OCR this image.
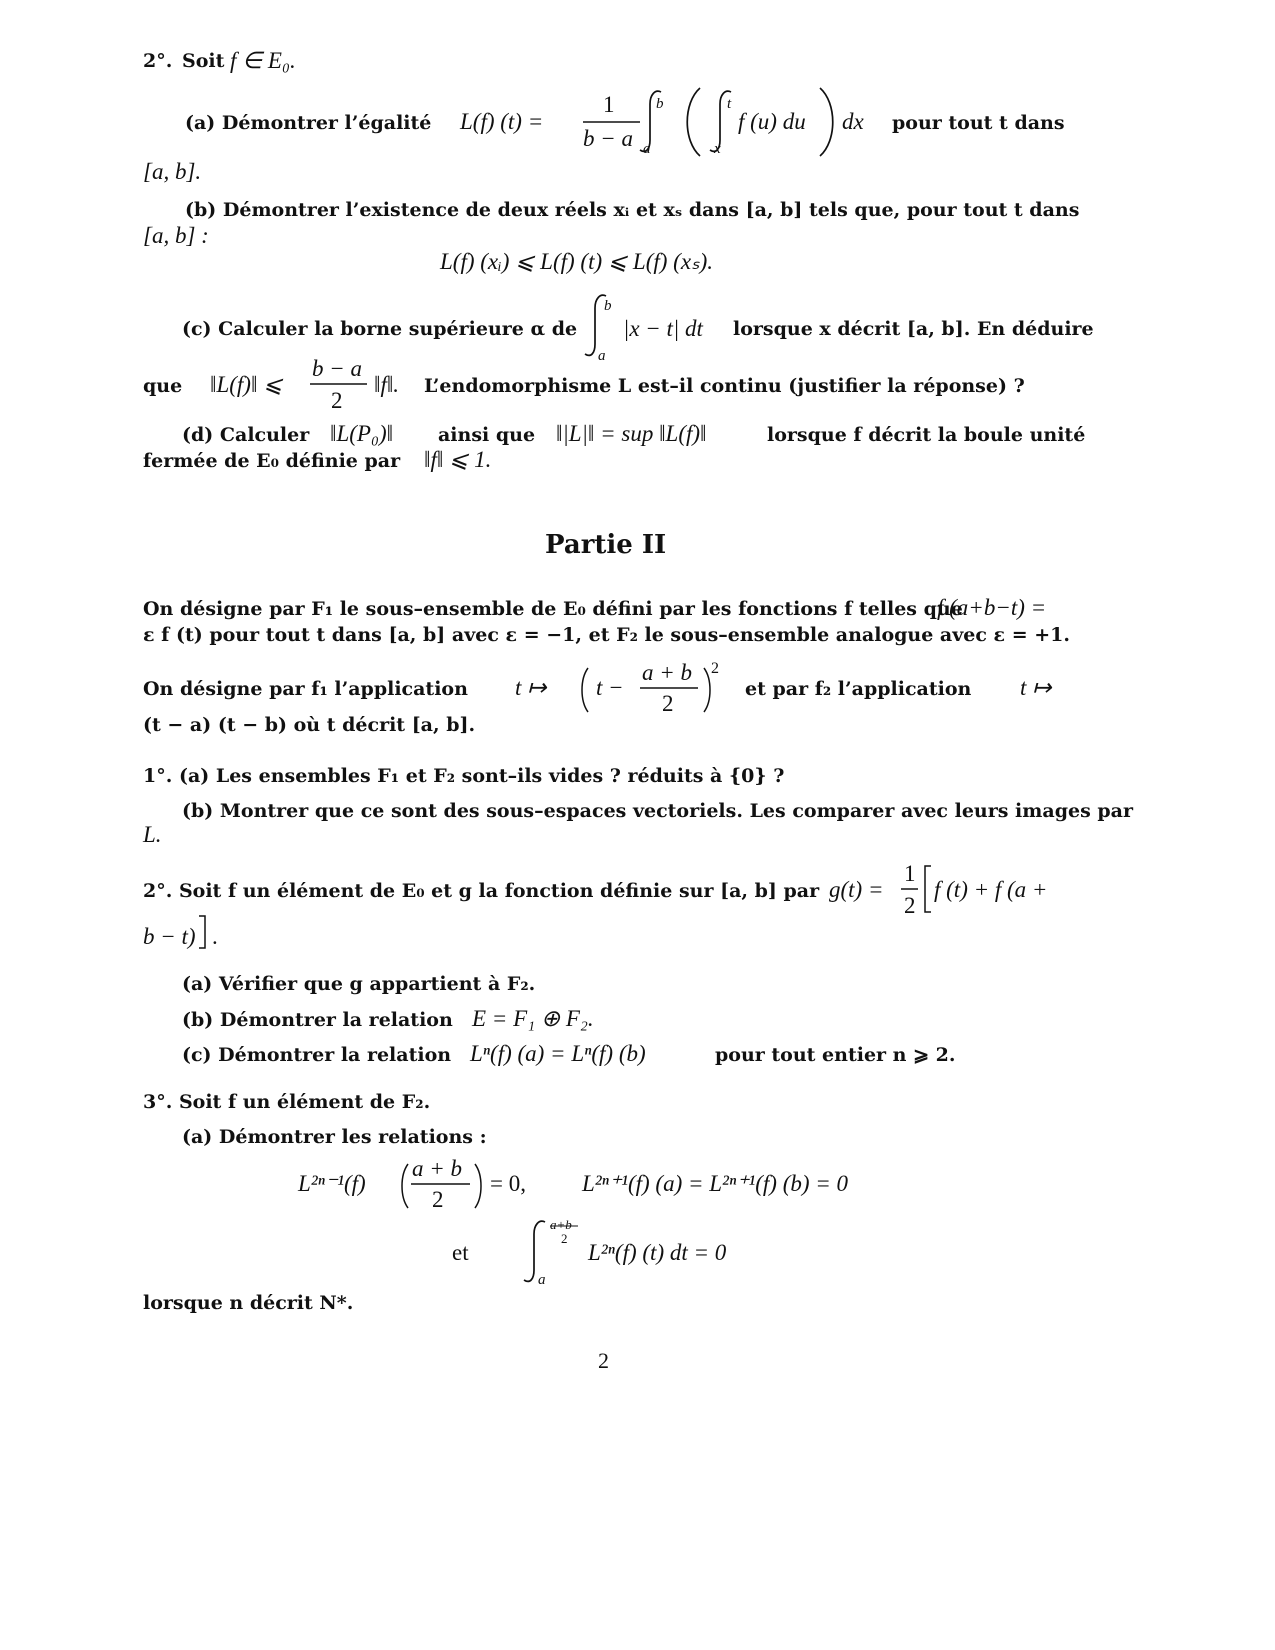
2°. Soit f ∈ E₀.
(a) Démontrer l’égalité L(f) (t) =
1
b − a
b
a
t
x
f (u) du dx pour tout t dans
[a, b].
(b) Démontrer l’existence de deux réels xᵢ et xₛ dans [a, b] tels que, pour tout t dans
[a, b] :
L(f) (xᵢ) ⩽ L(f) (t) ⩽ L(f) (xₛ).
(c) Calculer la borne supérieure α de
b
a
|x − t| dt lorsque x décrit [a, b]. En déduire
que ‖L(f)‖ ⩽
b − a
2
‖f‖. L’endomorphisme L est–il continu (justifier la réponse) ?
(d) Calculer ‖L(P₀)‖ ainsi que ‖|L|‖ = sup ‖L(f)‖	lorsque f décrit la boule unité
fermée de E₀ définie par ‖f‖ ⩽ 1.
Partie II
On désigne par F₁ le sous–ensemble de E₀ défini par les fonctions f telles que
f (a+b−t) =
ε f (t) pour tout t dans [a, b] avec ε = −1, et F₂ le sous–ensemble analogue avec ε = +1.
On désigne par f₁ l’application t ↦ t −
a + b
2
2
et par f₂ l’application t ↦
(t − a) (t − b) où t décrit [a, b].
1°. (a) Les ensembles F₁ et F₂ sont–ils vides ? réduits à {0} ?
(b) Montrer que ce sont des sous–espaces vectoriels. Les comparer avec leurs images par
L.
2°. Soit f un élément de E₀ et g la fonction définie sur [a, b] par g(t) =
1
2
f (t) + f (a +
b − t) .
(a) Vérifier que g appartient à F₂.
(b) Démontrer la relation E = F₁ ⊕ F₂.
(c) Démontrer la relation Lⁿ(f) (a) = Lⁿ(f) (b)	pour tout entier n ⩾ 2.
3°. Soit f un élément de F₂.
(a) Démontrer les relations :
L²ⁿ⁻¹(f)
a + b
2
= 0, L²ⁿ⁺¹(f) (a) = L²ⁿ⁺¹(f) (b) = 0
et
a+b
2
a
L²ⁿ(f) (t) dt = 0
lorsque n décrit N*.
2
